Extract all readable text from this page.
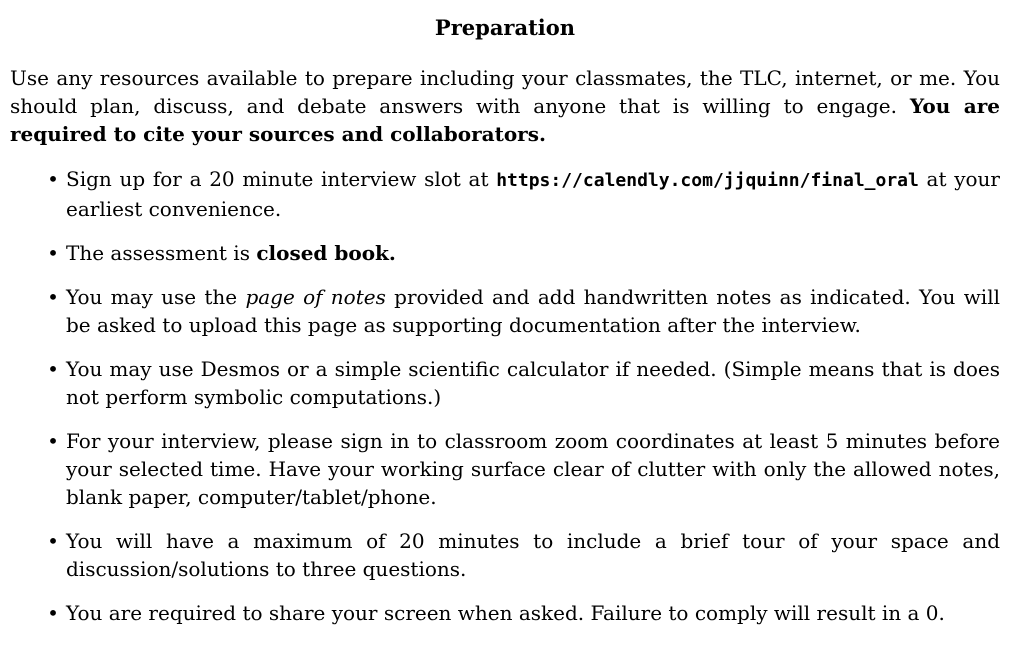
Preparation

Use any resources available to prepare including your classmates, the TLC, internet, or me. You should plan, discuss, and debate answers with anyone that is willing to engage. You are required to cite your sources and collaborators.

• Sign up for a 20 minute interview slot at https://calendly.com/jjquinn/final_oral at your earliest convenience.
• The assessment is closed book.
• You may use the page of notes provided and add handwritten notes as indicated. You will be asked to upload this page as supporting documentation after the interview.
• You may use Desmos or a simple scientific calculator if needed. (Simple means that is does not perform symbolic computations.)
• For your interview, please sign in to classroom zoom coordinates at least 5 minutes before your selected time. Have your working surface clear of clutter with only the allowed notes, blank paper, computer/tablet/phone.
• You will have a maximum of 20 minutes to include a brief tour of your space and discussion/solutions to three questions.
• You are required to share your screen when asked. Failure to comply will result in a 0.
